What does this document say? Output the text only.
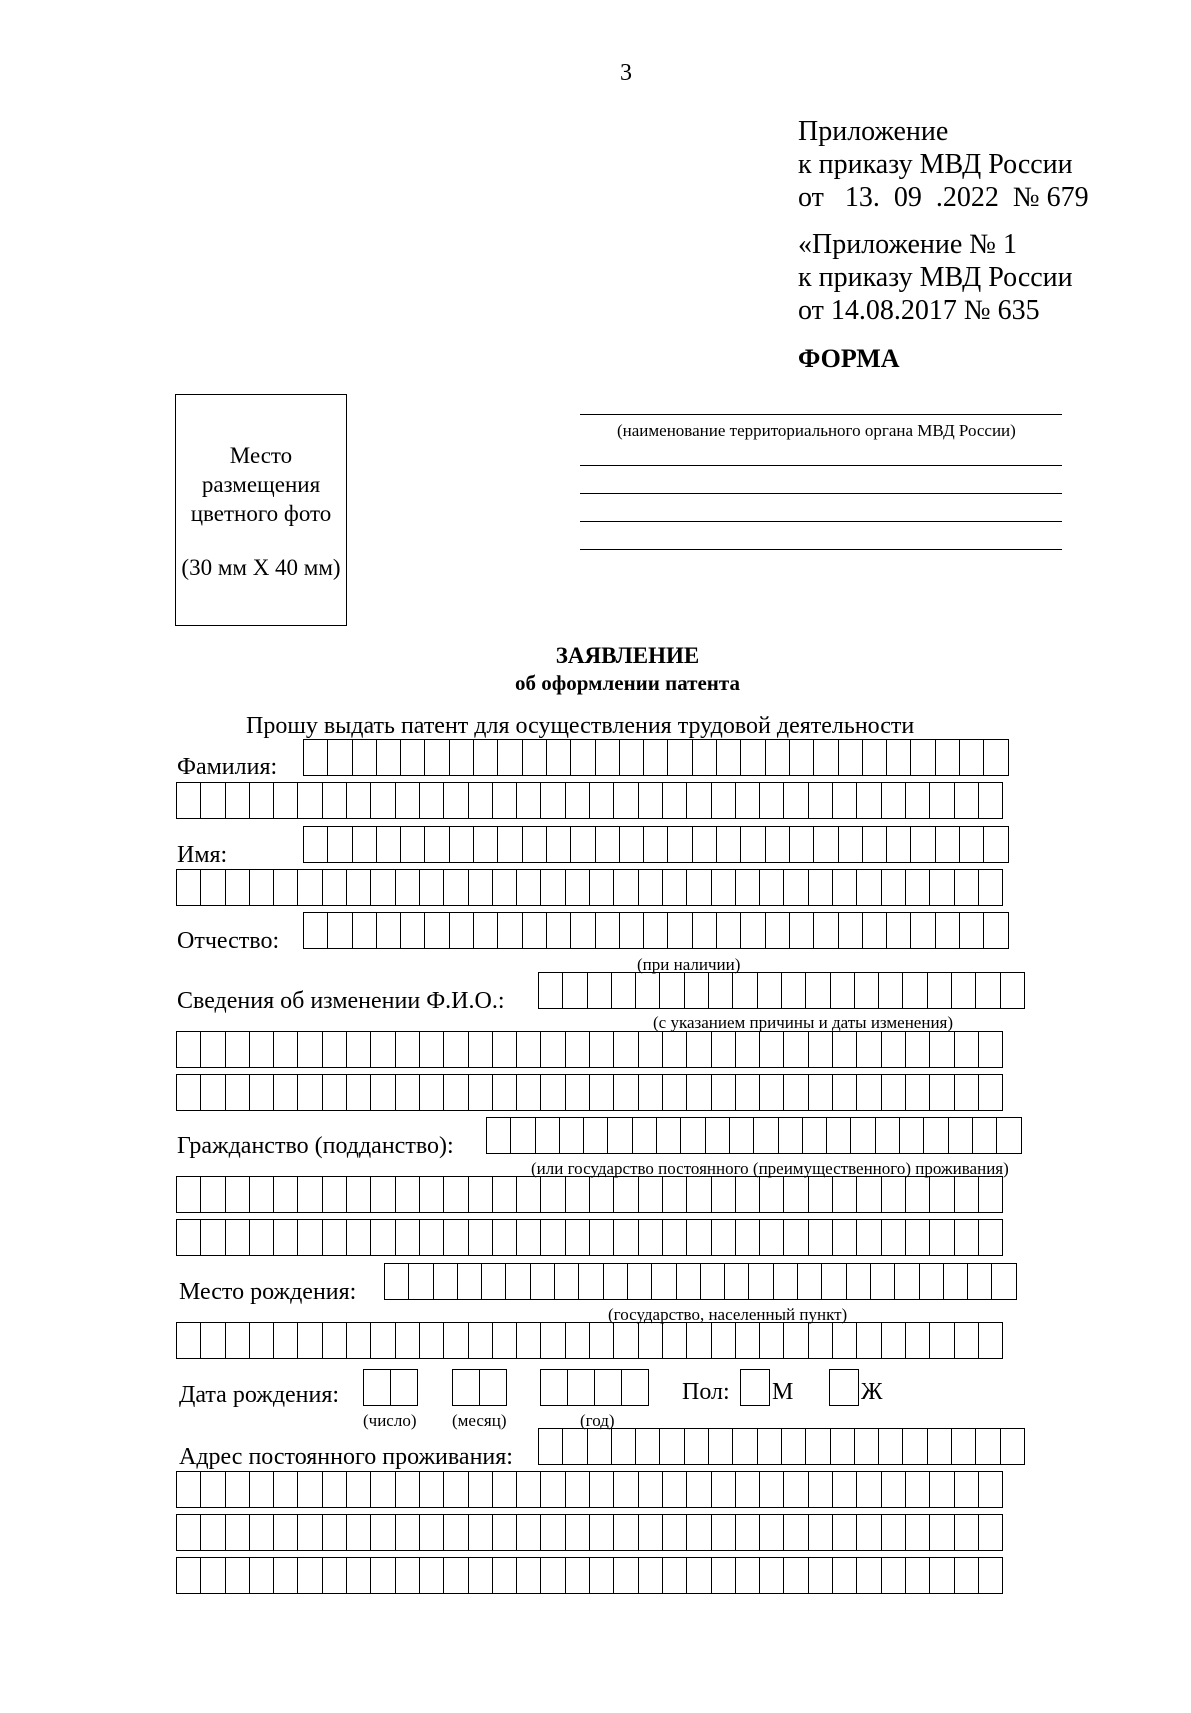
3
Приложение
к приказу МВД России
от   13.  09  .2022  № 679
«Приложение № 1
к приказу МВД России
от 14.08.2017 № 635
ФОРМА
Место
размещения
цветного фото
(30 мм X 40 мм)
(наименование территориального органа МВД России)
ЗАЯВЛЕНИЕ
об оформлении патента
Прошу выдать патент для осуществления трудовой деятельности
Фамилия:
Имя:
Отчество:
(при наличии)
Сведения об изменении Ф.И.О.:
(с указанием причины и даты изменения)
Гражданство (подданство):
(или государство постоянного (преимущественного) проживания)
Место рождения:
(государство, населенный пункт)
Дата рождения:
(число) (месяц)	(год)
Пол: М	Ж
Адрес постоянного проживания:
